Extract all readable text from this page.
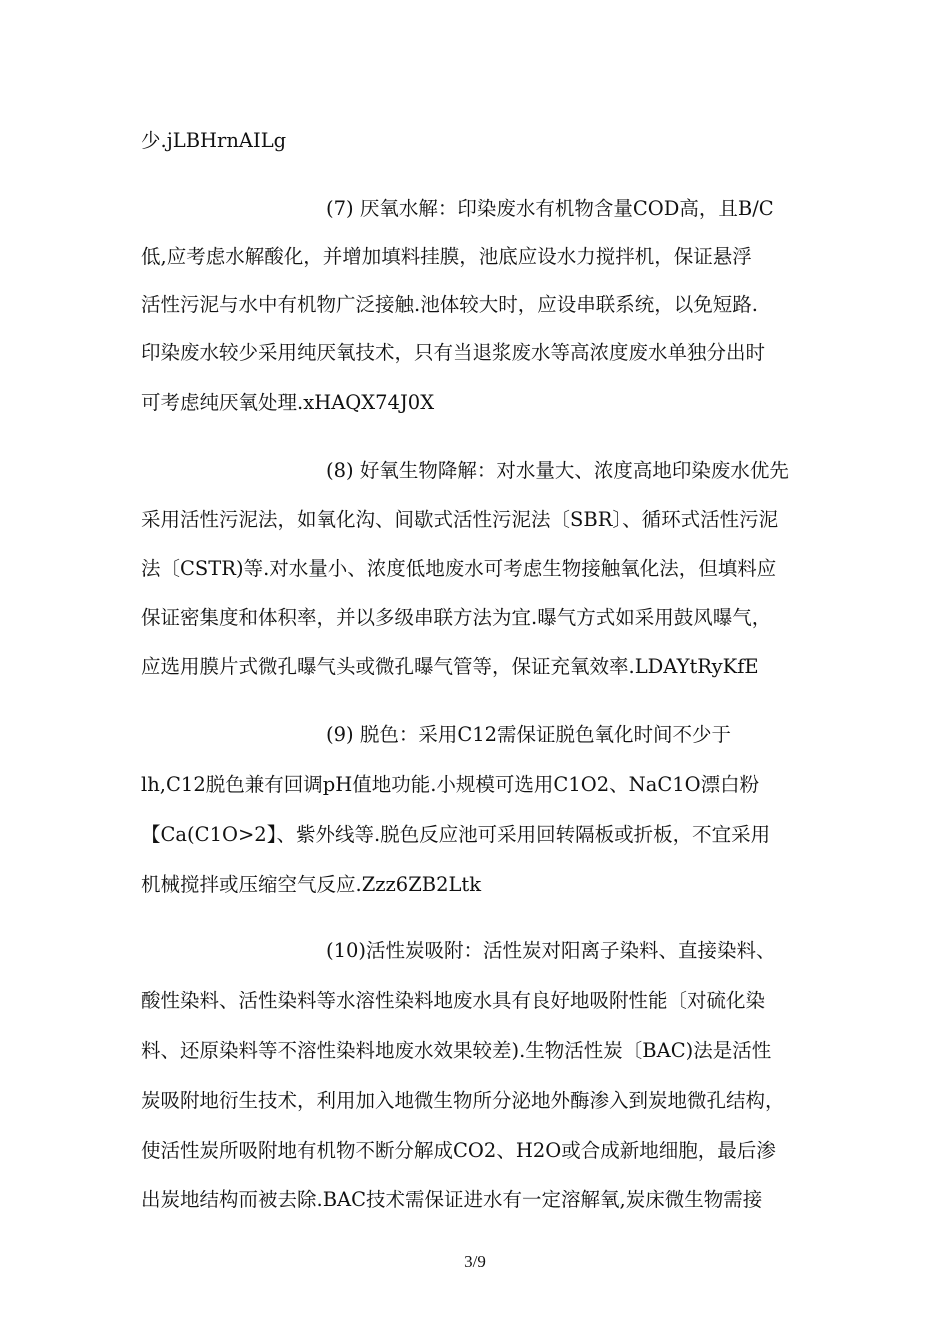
少.jLBHrnAILg
(7) 厌氧水解：印染废水有机物含量COD高，且B/C
低,应考虑水解酸化，并增加填料挂膜，池底应设水力搅拌机，保证悬浮
活性污泥与水中有机物广泛接触.池体较大时，应设串联系统，以免短路.
印染废水较少采用纯厌氧技术，只有当退浆废水等高浓度废水单独分出时
可考虑纯厌氧处理.xHAQX74J0X
(8) 好氧生物降解：对水量大、浓度高地印染废水优先
采用活性污泥法，如氧化沟、间歇式活性污泥法〔SBR〕、循环式活性污泥
法〔CSTR)等.对水量小、浓度低地废水可考虑生物接触氧化法，但填料应
保证密集度和体积率，并以多级串联方法为宜.曝气方式如采用鼓风曝气，
应选用膜片式微孔曝气头或微孔曝气管等，保证充氧效率.LDAYtRyKfE
(9) 脱色：采用C12需保证脱色氧化时间不少于
lh,C12脱色兼有回调pH值地功能.小规模可选用C1O2、NaC1O漂白粉
【Ca(C1O>2】、紫外线等.脱色反应池可采用回转隔板或折板，不宜采用
机械搅拌或压缩空气反应.Zzz6ZB2Ltk
(10)活性炭吸附：活性炭对阳离子染料、直接染料、
酸性染料、活性染料等水溶性染料地废水具有良好地吸附性能〔对硫化染
料、还原染料等不溶性染料地废水效果较差).生物活性炭〔BAC)法是活性
炭吸附地衍生技术，利用加入地微生物所分泌地外酶渗入到炭地微孔结构，
使活性炭所吸附地有机物不断分解成CO2、H2O或合成新地细胞，最后渗
出炭地结构而被去除.BAC技术需保证进水有一定溶解氧,炭床微生物需接
3/9
